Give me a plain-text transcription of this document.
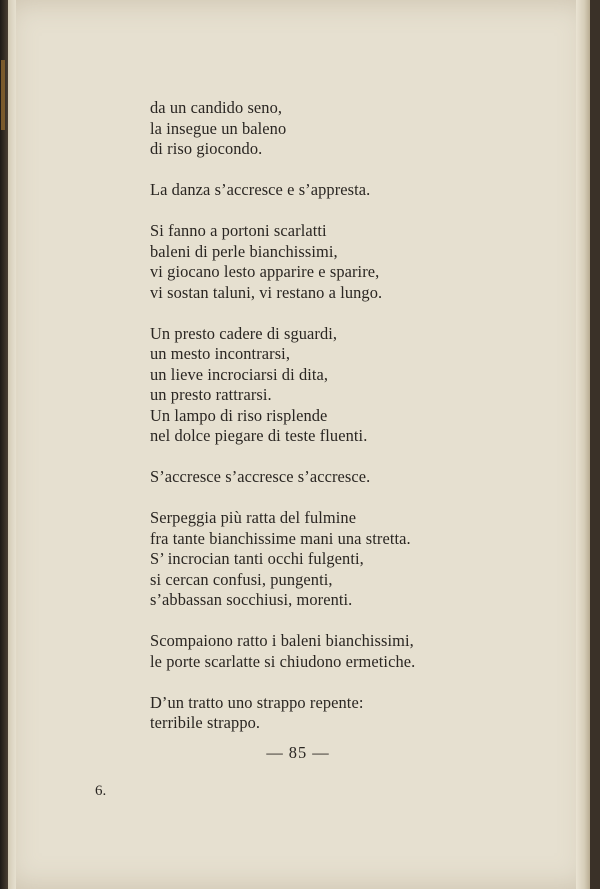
da un candido seno,
la insegue un baleno
di riso giocondo.
La danza s’accresce e s’appresta.
Si fanno a portoni scarlatti
baleni di perle bianchissimi,
vi giocano lesto apparire e sparire,
vi sostan taluni, vi restano a lungo.
Un presto cadere di sguardi,
un mesto incontrarsi,
un lieve incrociarsi di dita,
un presto rattrarsi.
Un lampo di riso risplende
nel dolce piegare di teste fluenti.
S’accresce s’accresce s’accresce.
Serpeggia più ratta del fulmine
fra tante bianchissime mani una stretta.
S’ incrocian tanti occhi fulgenti,
si cercan confusi, pungenti,
s’abbassan socchiusi, morenti.
Scompaiono ratto i baleni bianchissimi,
le porte scarlatte si chiudono ermetiche.
D’un tratto uno strappo repente:
terribile strappo.
— 85 —
6.
